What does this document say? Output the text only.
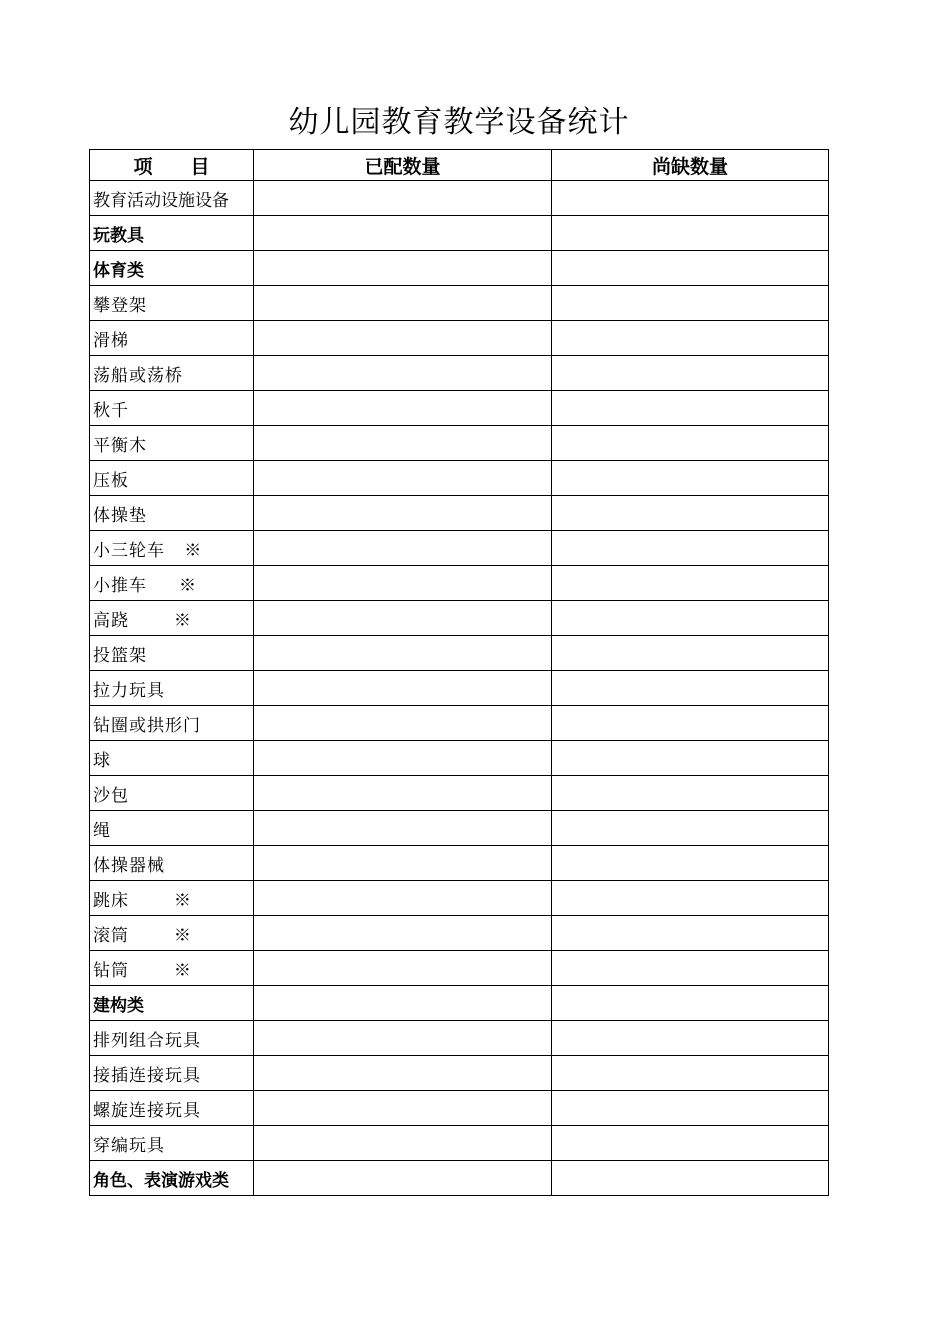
幼儿园教育教学设备统计
项　　目	已配数量	尚缺数量
教育活动设施设备		
玩教具		
体育类		
攀登架		
滑梯		
荡船或荡桥		
秋千		
平衡木		
压板		
体操垫		
小三轮车   ※		
小推车     ※		
高跷       ※		
投篮架		
拉力玩具		
钻圈或拱形门		
球		
沙包		
绳		
体操器械		
跳床       ※		
滚筒       ※		
钻筒       ※		
建构类		
排列组合玩具		
接插连接玩具		
螺旋连接玩具		
穿编玩具		
角色、表演游戏类		
